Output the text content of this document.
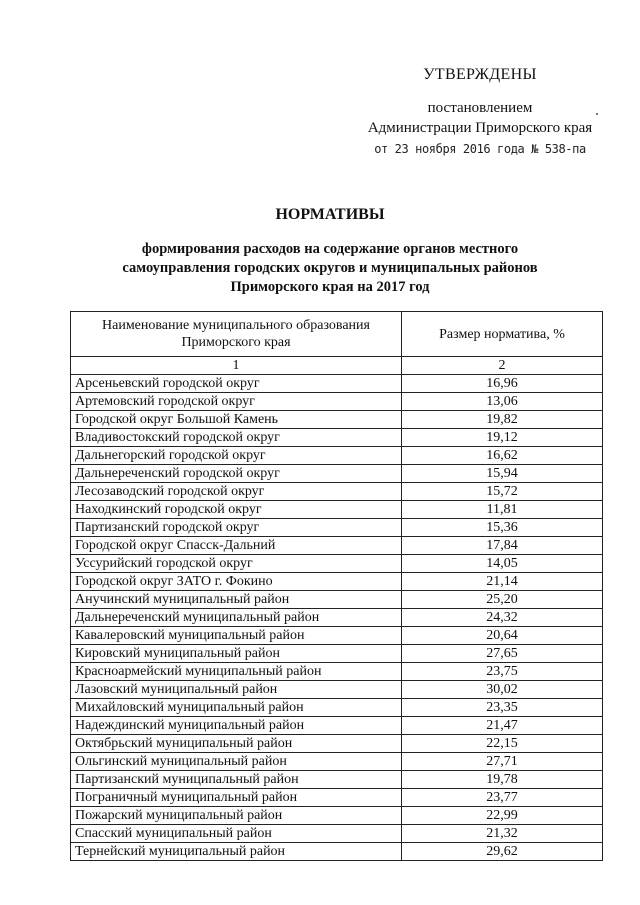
УТВЕРЖДЕНЫ
постановлением
Администрации Приморского края
от 23 ноября 2016 года № 538-па
НОРМАТИВЫ
формирования расходов на содержание органов местного самоуправления городских округов и муниципальных районов Приморского края на 2017 год
Наименование муниципального образования Приморского края	Размер норматива, %
1	2
Арсеньевский городской округ	16,96
Артемовский городской округ	13,06
Городской округ Большой Камень	19,82
Владивостокский городской округ	19,12
Дальнегорский городской округ	16,62
Дальнереченский городской округ	15,94
Лесозаводский городской округ	15,72
Находкинский городской округ	11,81
Партизанский городской округ	15,36
Городской округ Спасск-Дальний	17,84
Уссурийский городской округ	14,05
Городской округ ЗАТО г. Фокино	21,14
Анучинский муниципальный район	25,20
Дальнереченский муниципальный район	24,32
Кавалеровский муниципальный район	20,64
Кировский муниципальный район	27,65
Красноармейский муниципальный район	23,75
Лазовский муниципальный район	30,02
Михайловский муниципальный район	23,35
Надеждинский муниципальный район	21,47
Октябрьский муниципальный район	22,15
Ольгинский муниципальный район	27,71
Партизанский муниципальный район	19,78
Пограничный муниципальный район	23,77
Пожарский муниципальный район	22,99
Спасский муниципальный район	21,32
Тернейский муниципальный район	29,62
